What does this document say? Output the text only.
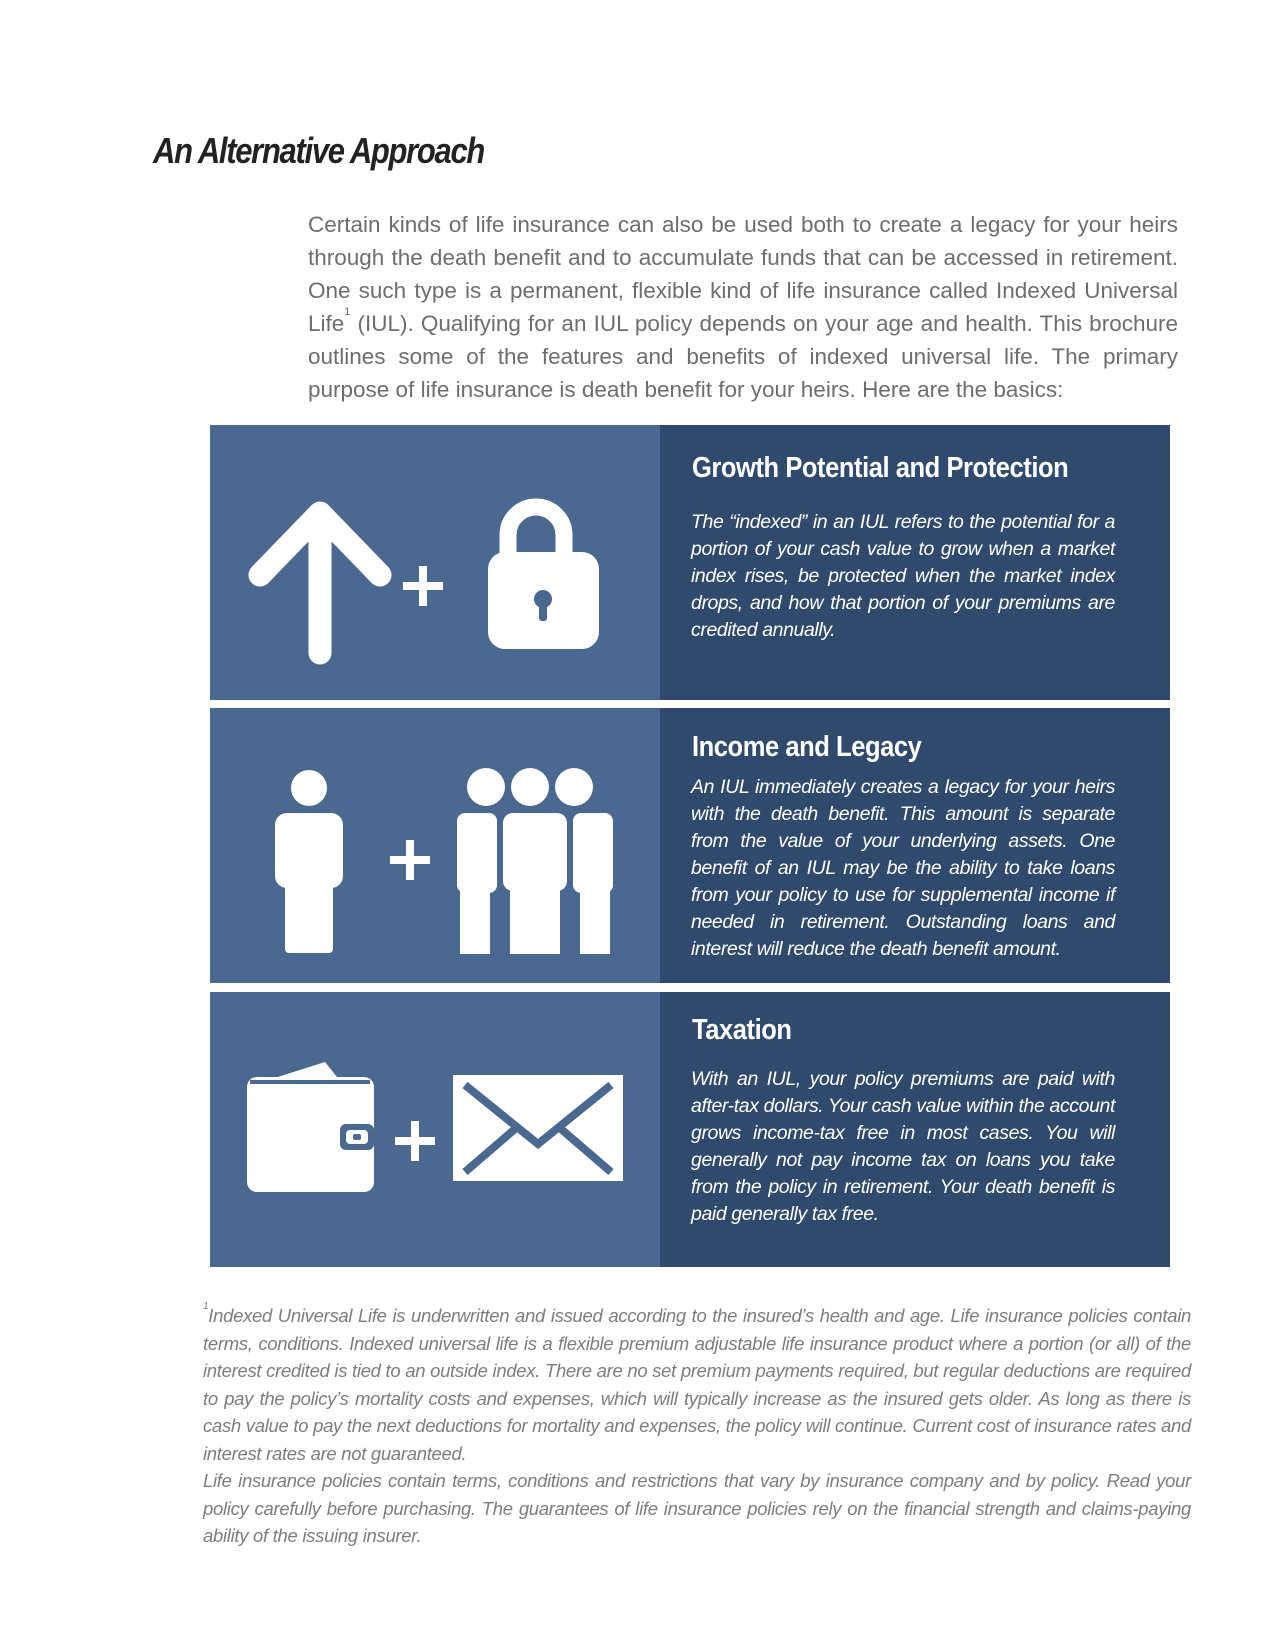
An Alternative Approach

Certain kinds of life insurance can also be used both to create a legacy for your heirs through the death benefit and to accumulate funds that can be accessed in retirement. One such type is a permanent, flexible kind of life insurance called Indexed Universal Life$^1$ (IUL). Qualifying for an IUL policy depends on your age and health. This brochure outlines some of the features and benefits of indexed universal life. The primary purpose of life insurance is death benefit for your heirs. Here are the basics:

Growth Potential and Protection

The “indexed” in an IUL refers to the potential for a portion of your cash value to grow when a market index rises, be protected when the market index drops, and how that portion of your premiums are credited annually.

Income and Legacy

An IUL immediately creates a legacy for your heirs with the death benefit. This amount is separate from the value of your underlying assets. One benefit of an IUL may be the ability to take loans from your policy to use for supplemental income if needed in retirement. Outstanding loans and interest will reduce the death benefit amount.

Taxation

With an IUL, your policy premiums are paid with after-tax dollars. Your cash value within the account grows income-tax free in most cases. You will generally not pay income tax on loans you take from the policy in retirement. Your death benefit is paid generally tax free.

$^1$Indexed Universal Life is underwritten and issued according to the insured’s health and age. Life insurance policies contain terms, conditions. Indexed universal life is a flexible premium adjustable life insurance product where a portion (or all) of the interest credited is tied to an outside index. There are no set premium payments required, but regular deductions are required to pay the policy’s mortality costs and expenses, which will typically increase as the insured gets older. As long as there is cash value to pay the next deductions for mortality and expenses, the policy will continue. Current cost of insurance rates and interest rates are not guaranteed.

Life insurance policies contain terms, conditions and restrictions that vary by insurance company and by policy. Read your policy carefully before purchasing. The guarantees of life insurance policies rely on the financial strength and claims-paying ability of the issuing insurer.
